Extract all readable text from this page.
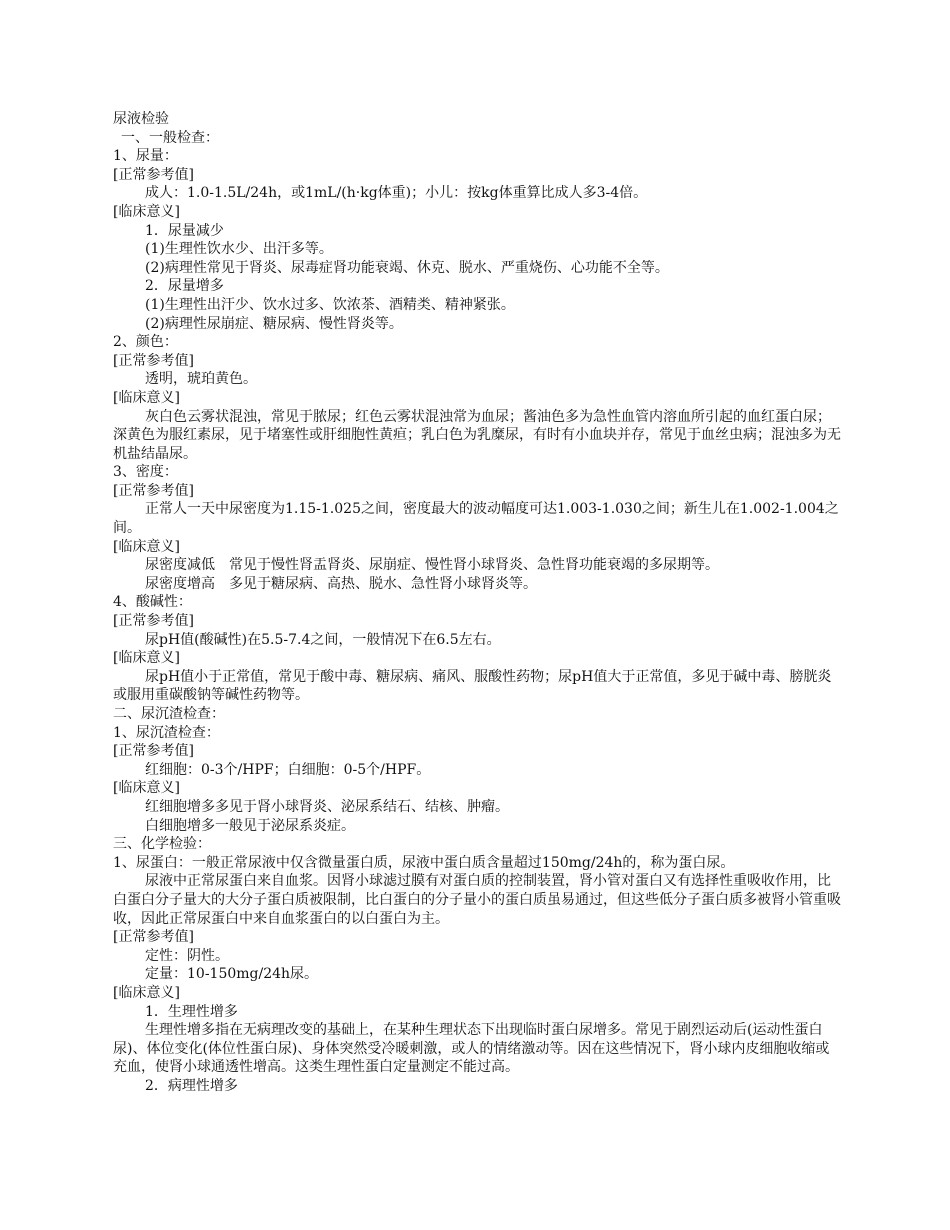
尿液检验

一、一般检查：

1、尿量：

[正常参考值]

成人：1.0-1.5L/24h，或1mL/(h·kg体重)；小儿：按kg体重算比成人多3-4倍。

[临床意义]

1．尿量减少

(1)生理性饮水少、出汗多等。

(2)病理性常见于肾炎、尿毒症肾功能衰竭、休克、脱水、严重烧伤、心功能不全等。

2．尿量增多

(1)生理性出汗少、饮水过多、饮浓茶、酒精类、精神紧张。

(2)病理性尿崩症、糖尿病、慢性肾炎等。

2、颜色：

[正常参考值]

透明，琥珀黄色。

[临床意义]

灰白色云雾状混浊，常见于脓尿；红色云雾状混浊常为血尿；酱油色多为急性血管内溶血所引起的血红蛋白尿；深黄色为服红素尿，见于堵塞性或肝细胞性黄疸；乳白色为乳糜尿，有时有小血块并存，常见于血丝虫病；混浊多为无机盐结晶尿。

3、密度：

[正常参考值]

正常人一天中尿密度为1.15-1.025之间，密度最大的波动幅度可达1.003-1.030之间；新生儿在1.002-1.004之间。

[临床意义]

尿密度减低　常见于慢性肾盂肾炎、尿崩症、慢性肾小球肾炎、急性肾功能衰竭的多尿期等。

尿密度增高　多见于糖尿病、高热、脱水、急性肾小球肾炎等。

4、酸碱性：

[正常参考值]

尿pH值(酸碱性)在5.5-7.4之间，一般情况下在6.5左右。

[临床意义]

尿pH值小于正常值，常见于酸中毒、糖尿病、痛风、服酸性药物；尿pH值大于正常值，多见于碱中毒、膀胱炎或服用重碳酸钠等碱性药物等。

二、尿沉渣检查：

1、尿沉渣检查：

[正常参考值]

红细胞：0-3个/HPF；白细胞：0-5个/HPF。

[临床意义]

红细胞增多多见于肾小球肾炎、泌尿系结石、结核、肿瘤。

白细胞增多一般见于泌尿系炎症。

三、化学检验：

1、尿蛋白：一般正常尿液中仅含微量蛋白质，尿液中蛋白质含量超过150mg/24h的，称为蛋白尿。

尿液中正常尿蛋白来自血浆。因肾小球滤过膜有对蛋白质的控制装置，肾小管对蛋白又有选择性重吸收作用，比白蛋白分子量大的大分子蛋白质被限制，比白蛋白的分子量小的蛋白质虽易通过，但这些低分子蛋白质多被肾小管重吸收，因此正常尿蛋白中来自血浆蛋白的以白蛋白为主。

[正常参考值]

定性：阴性。

定量：10-150mg/24h尿。

[临床意义]

1．生理性增多

生理性增多指在无病理改变的基础上，在某种生理状态下出现临时蛋白尿增多。常见于剧烈运动后(运动性蛋白尿)、体位变化(体位性蛋白尿)、身体突然受冷暖刺激，或人的情绪激动等。因在这些情况下，肾小球内皮细胞收缩或充血，使肾小球通透性增高。这类生理性蛋白定量测定不能过高。

2．病理性增多
